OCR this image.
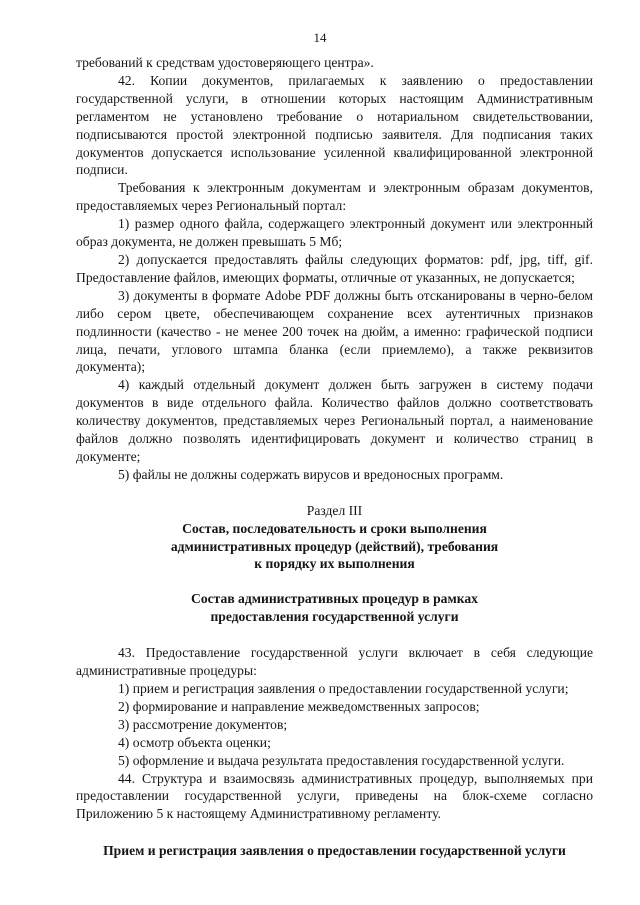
14

требований к средствам удостоверяющего центра».

42. Копии документов, прилагаемых к заявлению о предоставлении государственной услуги, в отношении которых настоящим Административным регламентом не установлено требование о нотариальном свидетельствовании, подписываются простой электронной подписью заявителя. Для подписания таких документов допускается использование усиленной квалифицированной электронной подписи.

Требования к электронным документам и электронным образам документов, предоставляемых через Региональный портал:

1) размер одного файла, содержащего электронный документ или электронный образ документа, не должен превышать 5 Мб;

2) допускается предоставлять файлы следующих форматов: pdf, jpg, tiff, gif. Предоставление файлов, имеющих форматы, отличные от указанных, не допускается;

3) документы в формате Adobe PDF должны быть отсканированы в черно-белом либо сером цвете, обеспечивающем сохранение всех аутентичных признаков подлинности (качество - не менее 200 точек на дюйм, а именно: графической подписи лица, печати, углового штампа бланка (если приемлемо), а также реквизитов документа);

4) каждый отдельный документ должен быть загружен в систему подачи документов в виде отдельного файла. Количество файлов должно соответствовать количеству документов, представляемых через Региональный портал, а наименование файлов должно позволять идентифицировать документ и количество страниц в документе;

5) файлы не должны содержать вирусов и вредоносных программ.

Раздел III

Состав, последовательность и сроки выполнения

административных процедур (действий), требования

к порядку их выполнения

Состав административных процедур в рамках

предоставления государственной услуги

43. Предоставление государственной услуги включает в себя следующие административные процедуры:

1) прием и регистрация заявления о предоставлении государственной услуги;

2) формирование и направление межведомственных запросов;

3) рассмотрение документов;

4) осмотр объекта оценки;

5) оформление и выдача результата предоставления государственной услуги.

44. Структура и взаимосвязь административных процедур, выполняемых при предоставлении государственной услуги, приведены на блок-схеме согласно Приложению 5 к настоящему Административному регламенту.

Прием и регистрация заявления о предоставлении государственной услуги
